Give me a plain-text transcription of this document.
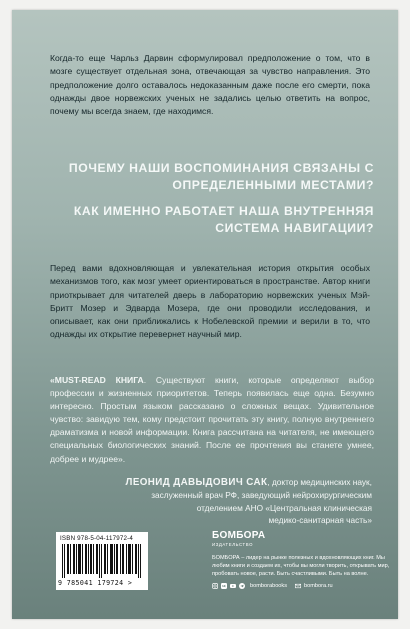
Когда-то еще Чарльз Дарвин сформулировал предположение о том, что в мозге существует отдельная зона, отвечающая за чувство направления. Это предположение долго оставалось недоказанным даже после его смерти, пока однажды двое норвежских ученых не задались целью ответить на вопрос, почему мы всегда знаем, где находимся.

ПОЧЕМУ НАШИ ВОСПОМИНАНИЯ СВЯЗАНЫ С ОПРЕДЕЛЕННЫМИ МЕСТАМИ?

КАК ИМЕННО РАБОТАЕТ НАША ВНУТРЕННЯЯ СИСТЕМА НАВИГАЦИИ?

Перед вами вдохновляющая и увлекательная история открытия особых механизмов того, как мозг умеет ориентироваться в пространстве. Автор книги приоткрывает для читателей дверь в лабораторию норвежских ученых Мэй-Бритт Мозер и Эдварда Мозера, где они проводили исследования, и описывает, как они приближались к Нобелевской премии и верили в то, что однажды их открытие перевернет научный мир.

«MUST-READ КНИГА. Существуют книги, которые определяют выбор профессии и жизненных приоритетов. Теперь появилась еще одна. Безумно интересно. Простым языком рассказано о сложных вещах. Удивительное чувство: завидую тем, кому предстоит прочитать эту книгу, полную внутреннего драматизма и новой информации. Книга рассчитана на читателя, не имеющего специальных биологических знаний. После ее прочтения вы станете умнее, добрее и мудрее».

ЛЕОНИД ДАВЫДОВИЧ САК, доктор медицинских наук,
заслуженный врач РФ, заведующий нейрохирургическим
отделением АНО «Центральная клиническая
медико-санитарная часть»
ISBN 978-5-04-117972-4
9 785041 179724 >
БОМБОРА
ИЗДАТЕЛЬСТВО

БОМБОРА – лидер на рынке полезных и вдохновляющих книг. Мы любим книги и создаем их, чтобы вы могли творить, открывать мир, пробовать новое, расти. Быть счастливыми. Быть на волне.

bomborabooks	bombora.ru
